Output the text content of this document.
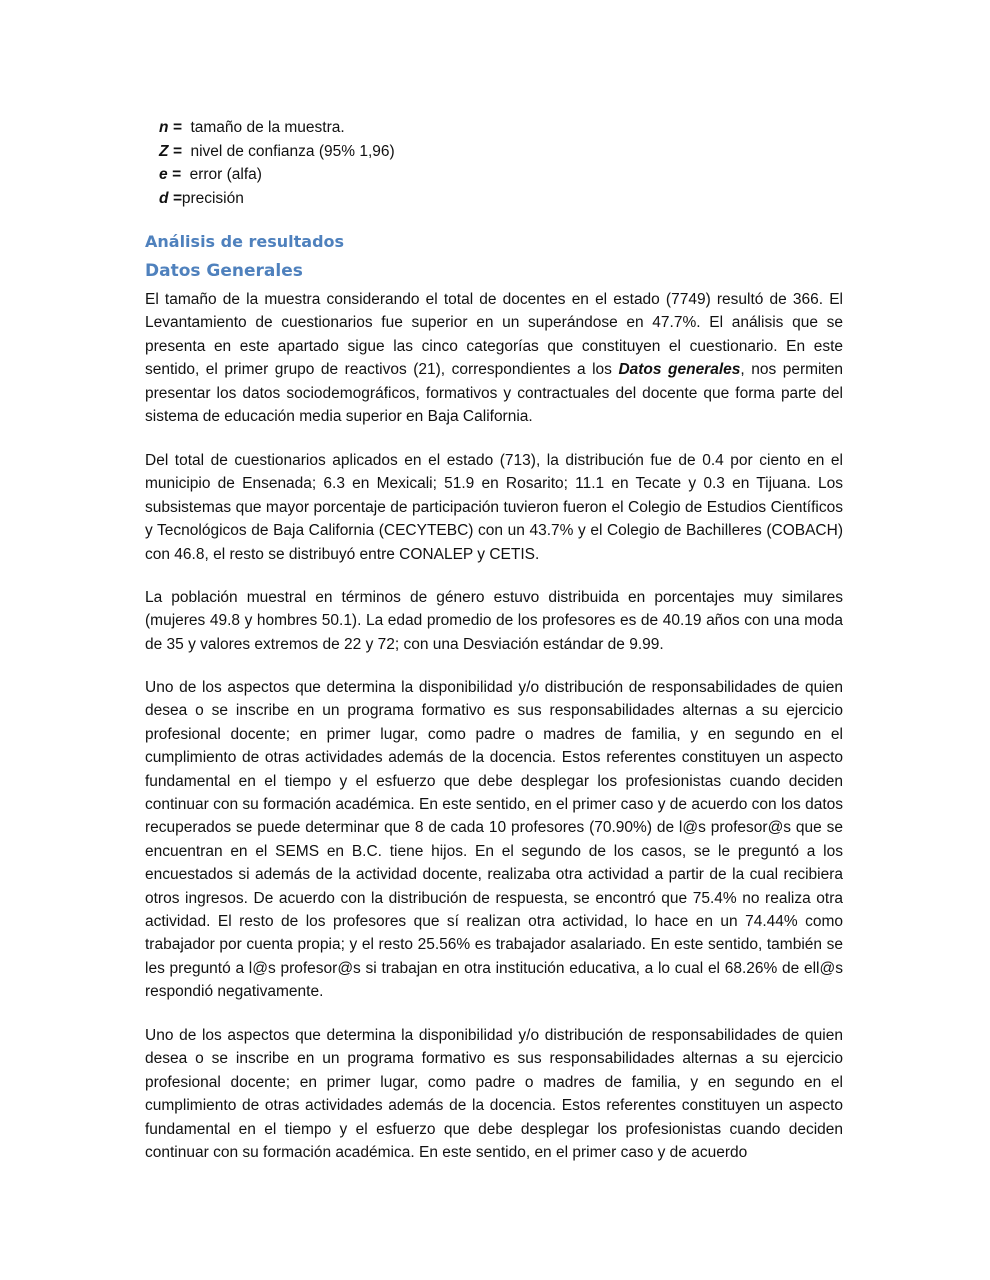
n = tamaño de la muestra.
Z = nivel de confianza (95% 1,96)
e = error (alfa)
d =precisión
Análisis de resultados
Datos Generales

El tamaño de la muestra considerando el total de docentes en el estado (7749) resultó de 366. El Levantamiento de cuestionarios fue superior en un superándose en 47.7%. El análisis que se presenta en este apartado sigue las cinco categorías que constituyen el cuestionario. En este sentido, el primer grupo de reactivos (21), correspondientes a los Datos generales, nos permiten presentar los datos sociodemográficos, formativos y contractuales del docente que forma parte del sistema de educación media superior en Baja California.

Del total de cuestionarios aplicados en el estado (713), la distribución fue de 0.4 por ciento en el municipio de Ensenada; 6.3 en Mexicali; 51.9 en Rosarito; 11.1 en Tecate y 0.3 en Tijuana. Los subsistemas que mayor porcentaje de participación tuvieron fueron el Colegio de Estudios Científicos y Tecnológicos de Baja California (CECYTEBC) con un 43.7% y el Colegio de Bachilleres (COBACH) con 46.8, el resto se distribuyó entre CONALEP y CETIS.

La población muestral en términos de género estuvo distribuida en porcentajes muy similares (mujeres 49.8 y hombres 50.1). La edad promedio de los profesores es de 40.19 años con una moda de 35 y valores extremos de 22 y 72; con una Desviación estándar de 9.99.

Uno de los aspectos que determina la disponibilidad y/o distribución de responsabilidades de quien desea o se inscribe en un programa formativo es sus responsabilidades alternas a su ejercicio profesional docente; en primer lugar, como padre o madres de familia, y en segundo en el cumplimiento de otras actividades además de la docencia. Estos referentes constituyen un aspecto fundamental en el tiempo y el esfuerzo que debe desplegar los profesionistas cuando deciden continuar con su formación académica. En este sentido, en el primer caso y de acuerdo con los datos recuperados se puede determinar que 8 de cada 10 profesores (70.90%) de l@s profesor@s que se encuentran en el SEMS en B.C. tiene hijos. En el segundo de los casos, se le preguntó a los encuestados si además de la actividad docente, realizaba otra actividad a partir de la cual recibiera otros ingresos. De acuerdo con la distribución de respuesta, se encontró que 75.4% no realiza otra actividad. El resto de los profesores que sí realizan otra actividad, lo hace en un 74.44% como trabajador por cuenta propia; y el resto 25.56% es trabajador asalariado. En este sentido, también se les preguntó a l@s profesor@s si trabajan en otra institución educativa, a lo cual el 68.26% de ell@s respondió negativamente.

Uno de los aspectos que determina la disponibilidad y/o distribución de responsabilidades de quien desea o se inscribe en un programa formativo es sus responsabilidades alternas a su ejercicio profesional docente; en primer lugar, como padre o madres de familia, y en segundo en el cumplimiento de otras actividades además de la docencia. Estos referentes constituyen un aspecto fundamental en el tiempo y el esfuerzo que debe desplegar los profesionistas cuando deciden continuar con su formación académica. En este sentido, en el primer caso y de acuerdo
